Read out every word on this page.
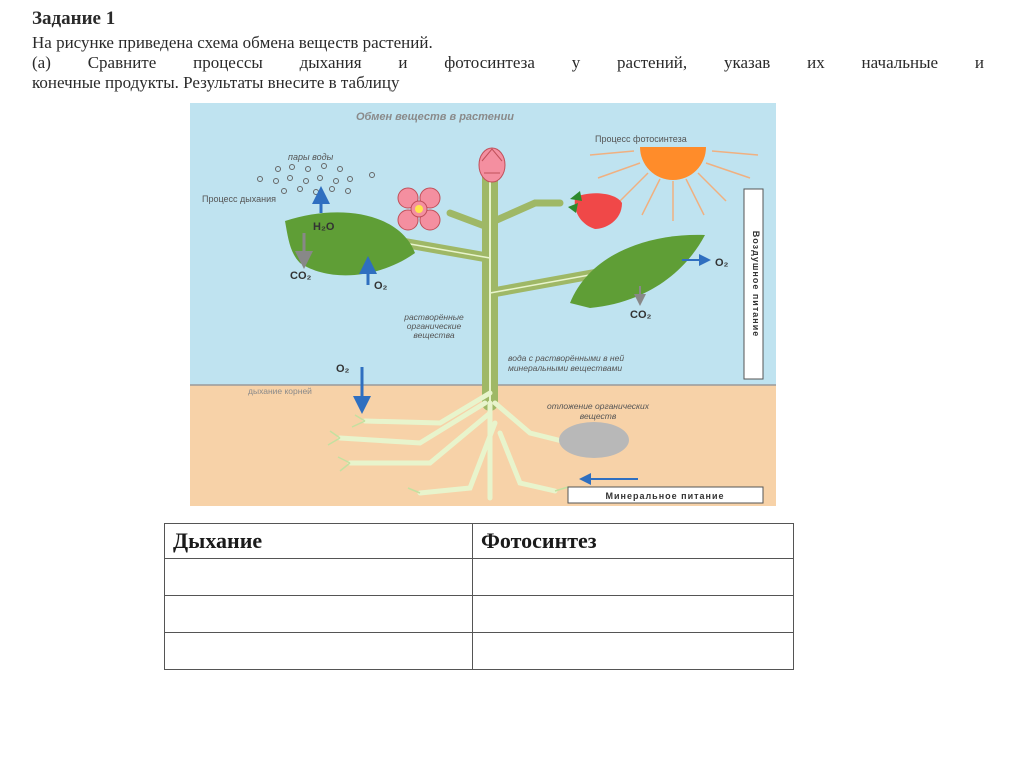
Задание 1
На рисунке приведена схема обмена веществ растений.
(а) Сравните процессы дыхания и фотосинтеза у растений, указав их начальные и
конечные продукты. Результаты внесите в таблицу
Обмен веществ в растении
Процесс фотосинтеза
пары воды
Процесс дыхания
H₂O
CO₂
O₂
O₂
CO₂
растворённые
органические
вещества
вода с растворёнными в ней
минеральными веществами
Воздушное питание
O₂
дыхание корней
отложение органических
веществ
Минеральное питание
Дыхание	Фотосинтез
